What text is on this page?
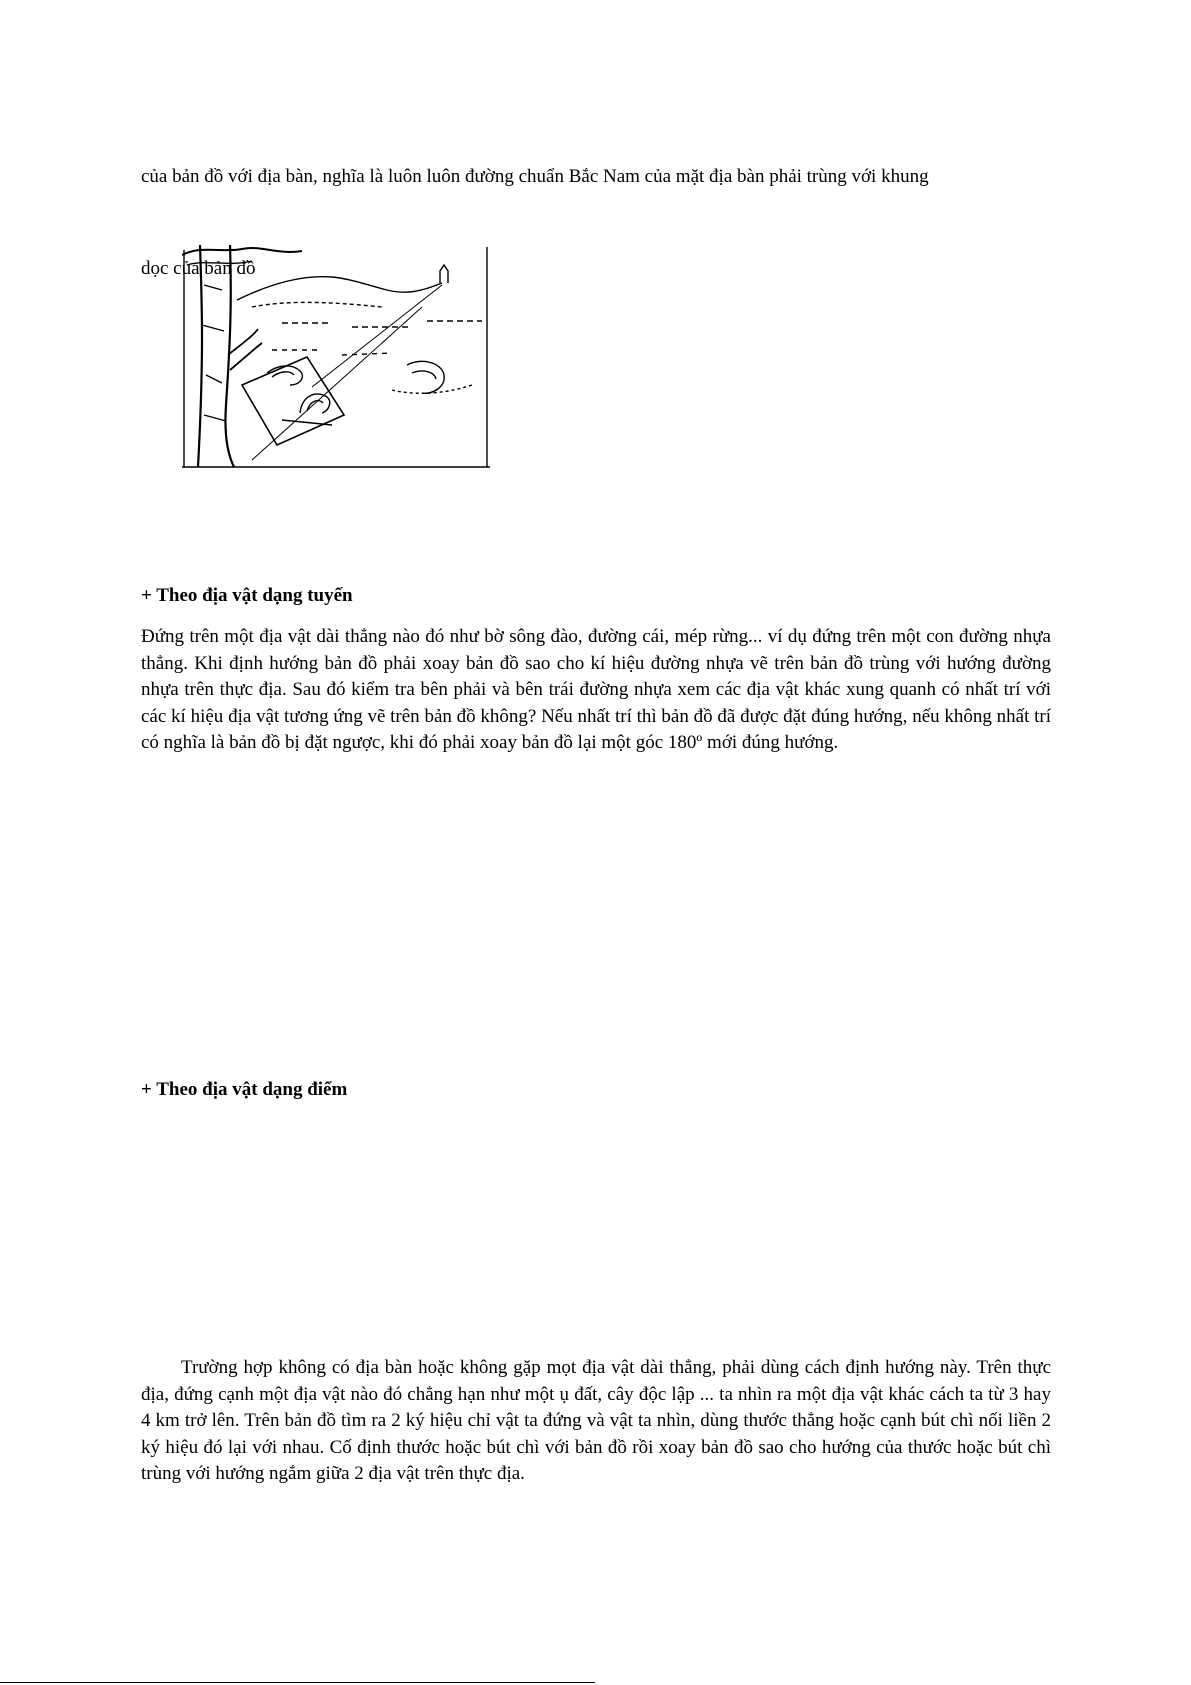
của bản đồ với địa bàn, nghĩa là luôn luôn đường chuẩn Bắc Nam của mặt địa bàn phải trùng với khung
dọc của bản đồ
+ Theo địa vật dạng tuyến
Đứng trên một địa vật dài thẳng nào đó như bờ sông đào, đường cái, mép rừng... ví dụ đứng trên một con đường nhựa thẳng. Khi định hướng bản đồ phải xoay bản đồ sao cho kí hiệu đường nhựa vẽ trên bản đồ trùng với hướng đường nhựa trên thực địa. Sau đó kiểm tra bên phải và bên trái đường nhựa xem các địa vật khác xung quanh có nhất trí với các kí hiệu địa vật tương ứng vẽ trên bản đồ không? Nếu nhất trí thì bản đồ đã được đặt đúng hướng, nếu không nhất trí có nghĩa là bản đồ bị đặt ngược, khi đó phải xoay bản đồ lại một góc 180º mới đúng hướng.
+ Theo địa vật dạng điểm
Trường hợp không có địa bàn hoặc không gặp mọt địa vật dài thẳng, phải dùng cách định hướng này. Trên thực địa, đứng cạnh một địa vật nào đó chẳng hạn như một ụ đất, cây độc lập ... ta nhìn ra một địa vật khác cách ta từ 3 hay 4 km trở lên. Trên bản đồ tìm ra 2 ký hiệu chỉ vật ta đứng và vật ta nhìn, dùng thước thẳng hoặc cạnh bút chì nối liền 2 ký hiệu đó lại với nhau. Cố định thước hoặc bút chì với bản đồ rồi xoay bản đồ sao cho hướng của thước hoặc bút chì trùng với hướng ngắm giữa 2 địa vật trên thực địa.
